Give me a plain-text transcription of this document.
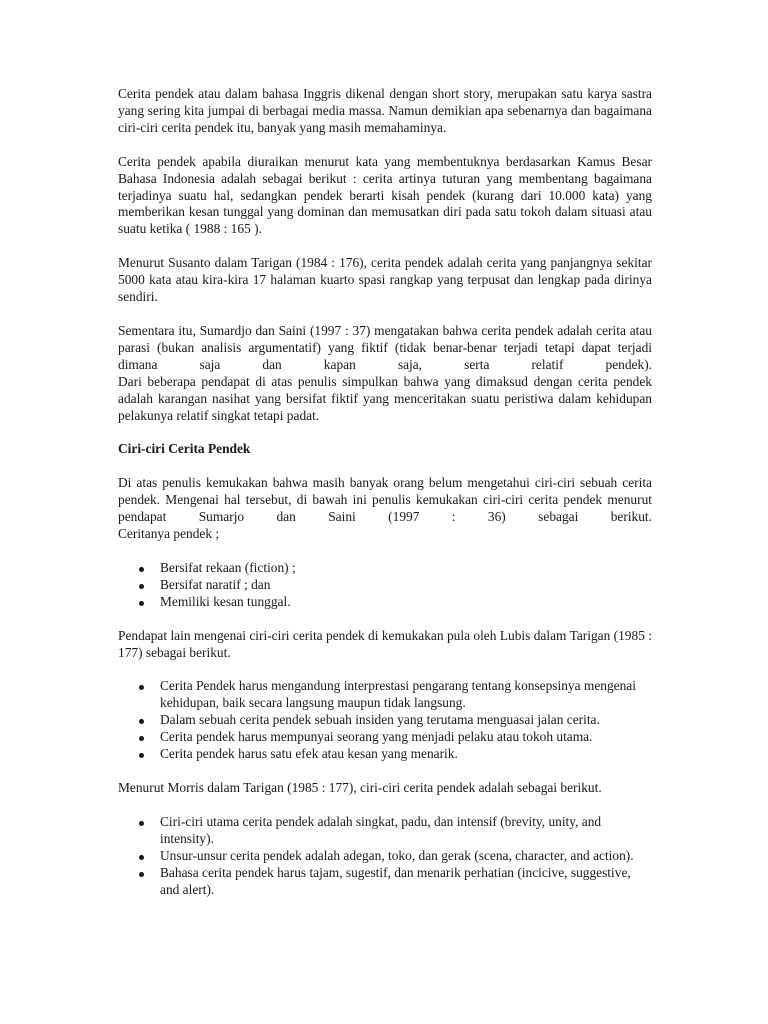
Cerita pendek atau dalam bahasa Inggris dikenal dengan short story, merupakan satu karya sastra yang sering kita jumpai di berbagai media massa. Namun demikian apa sebenarnya dan bagaimana ciri-ciri cerita pendek itu, banyak yang masih memahaminya.

Cerita pendek apabila diuraikan menurut kata yang membentuknya berdasarkan Kamus Besar Bahasa Indonesia adalah sebagai berikut : cerita artinya tuturan yang membentang bagaimana terjadinya suatu hal, sedangkan pendek berarti kisah pendek (kurang dari 10.000 kata) yang memberikan kesan tunggal yang dominan dan memusatkan diri pada satu tokoh dalam situasi atau suatu ketika ( 1988 : 165 ).

Menurut Susanto dalam Tarigan (1984 : 176), cerita pendek adalah cerita yang panjangnya sekitar 5000 kata atau kira-kira 17 halaman kuarto spasi rangkap yang terpusat dan lengkap pada dirinya sendiri.

Sementara itu, Sumardjo dan Saini (1997 : 37) mengatakan bahwa cerita pendek adalah cerita atau parasi (bukan analisis argumentatif) yang fiktif (tidak benar-benar terjadi tetapi dapat terjadi dimana saja dan kapan saja, serta relatif pendek).

Dari beberapa pendapat di atas penulis simpulkan bahwa yang dimaksud dengan cerita pendek adalah karangan nasihat yang bersifat fiktif yang menceritakan suatu peristiwa dalam kehidupan pelakunya relatif singkat tetapi padat.

Ciri-ciri Cerita Pendek

Di atas penulis kemukakan bahwa masih banyak orang belum mengetahui ciri-ciri sebuah cerita pendek. Mengenai hal tersebut, di bawah ini penulis kemukakan ciri-ciri cerita pendek menurut pendapat Sumarjo dan Saini (1997 : 36) sebagai berikut.

Ceritanya pendek ;

Bersifat rekaan (fiction) ;
Bersifat naratif ; dan
Memiliki kesan tunggal.

Pendapat lain mengenai ciri-ciri cerita pendek di kemukakan pula oleh Lubis dalam Tarigan (1985 : 177) sebagai berikut.

Cerita Pendek harus mengandung interprestasi pengarang tentang konsepsinya mengenai kehidupan, baik secara langsung maupun tidak langsung.
Dalam sebuah cerita pendek sebuah insiden yang terutama menguasai jalan cerita.
Cerita pendek harus mempunyai seorang yang menjadi pelaku atau tokoh utama.
Cerita pendek harus satu efek atau kesan yang menarik.

Menurut Morris dalam Tarigan (1985 : 177), ciri-ciri cerita pendek adalah sebagai berikut.

Ciri-ciri utama cerita pendek adalah singkat, padu, dan intensif (brevity, unity, and intensity).
Unsur-unsur cerita pendek adalah adegan, toko, dan gerak (scena, character, and action).
Bahasa cerita pendek harus tajam, sugestif, dan menarik perhatian (incicive, suggestive, and alert).
